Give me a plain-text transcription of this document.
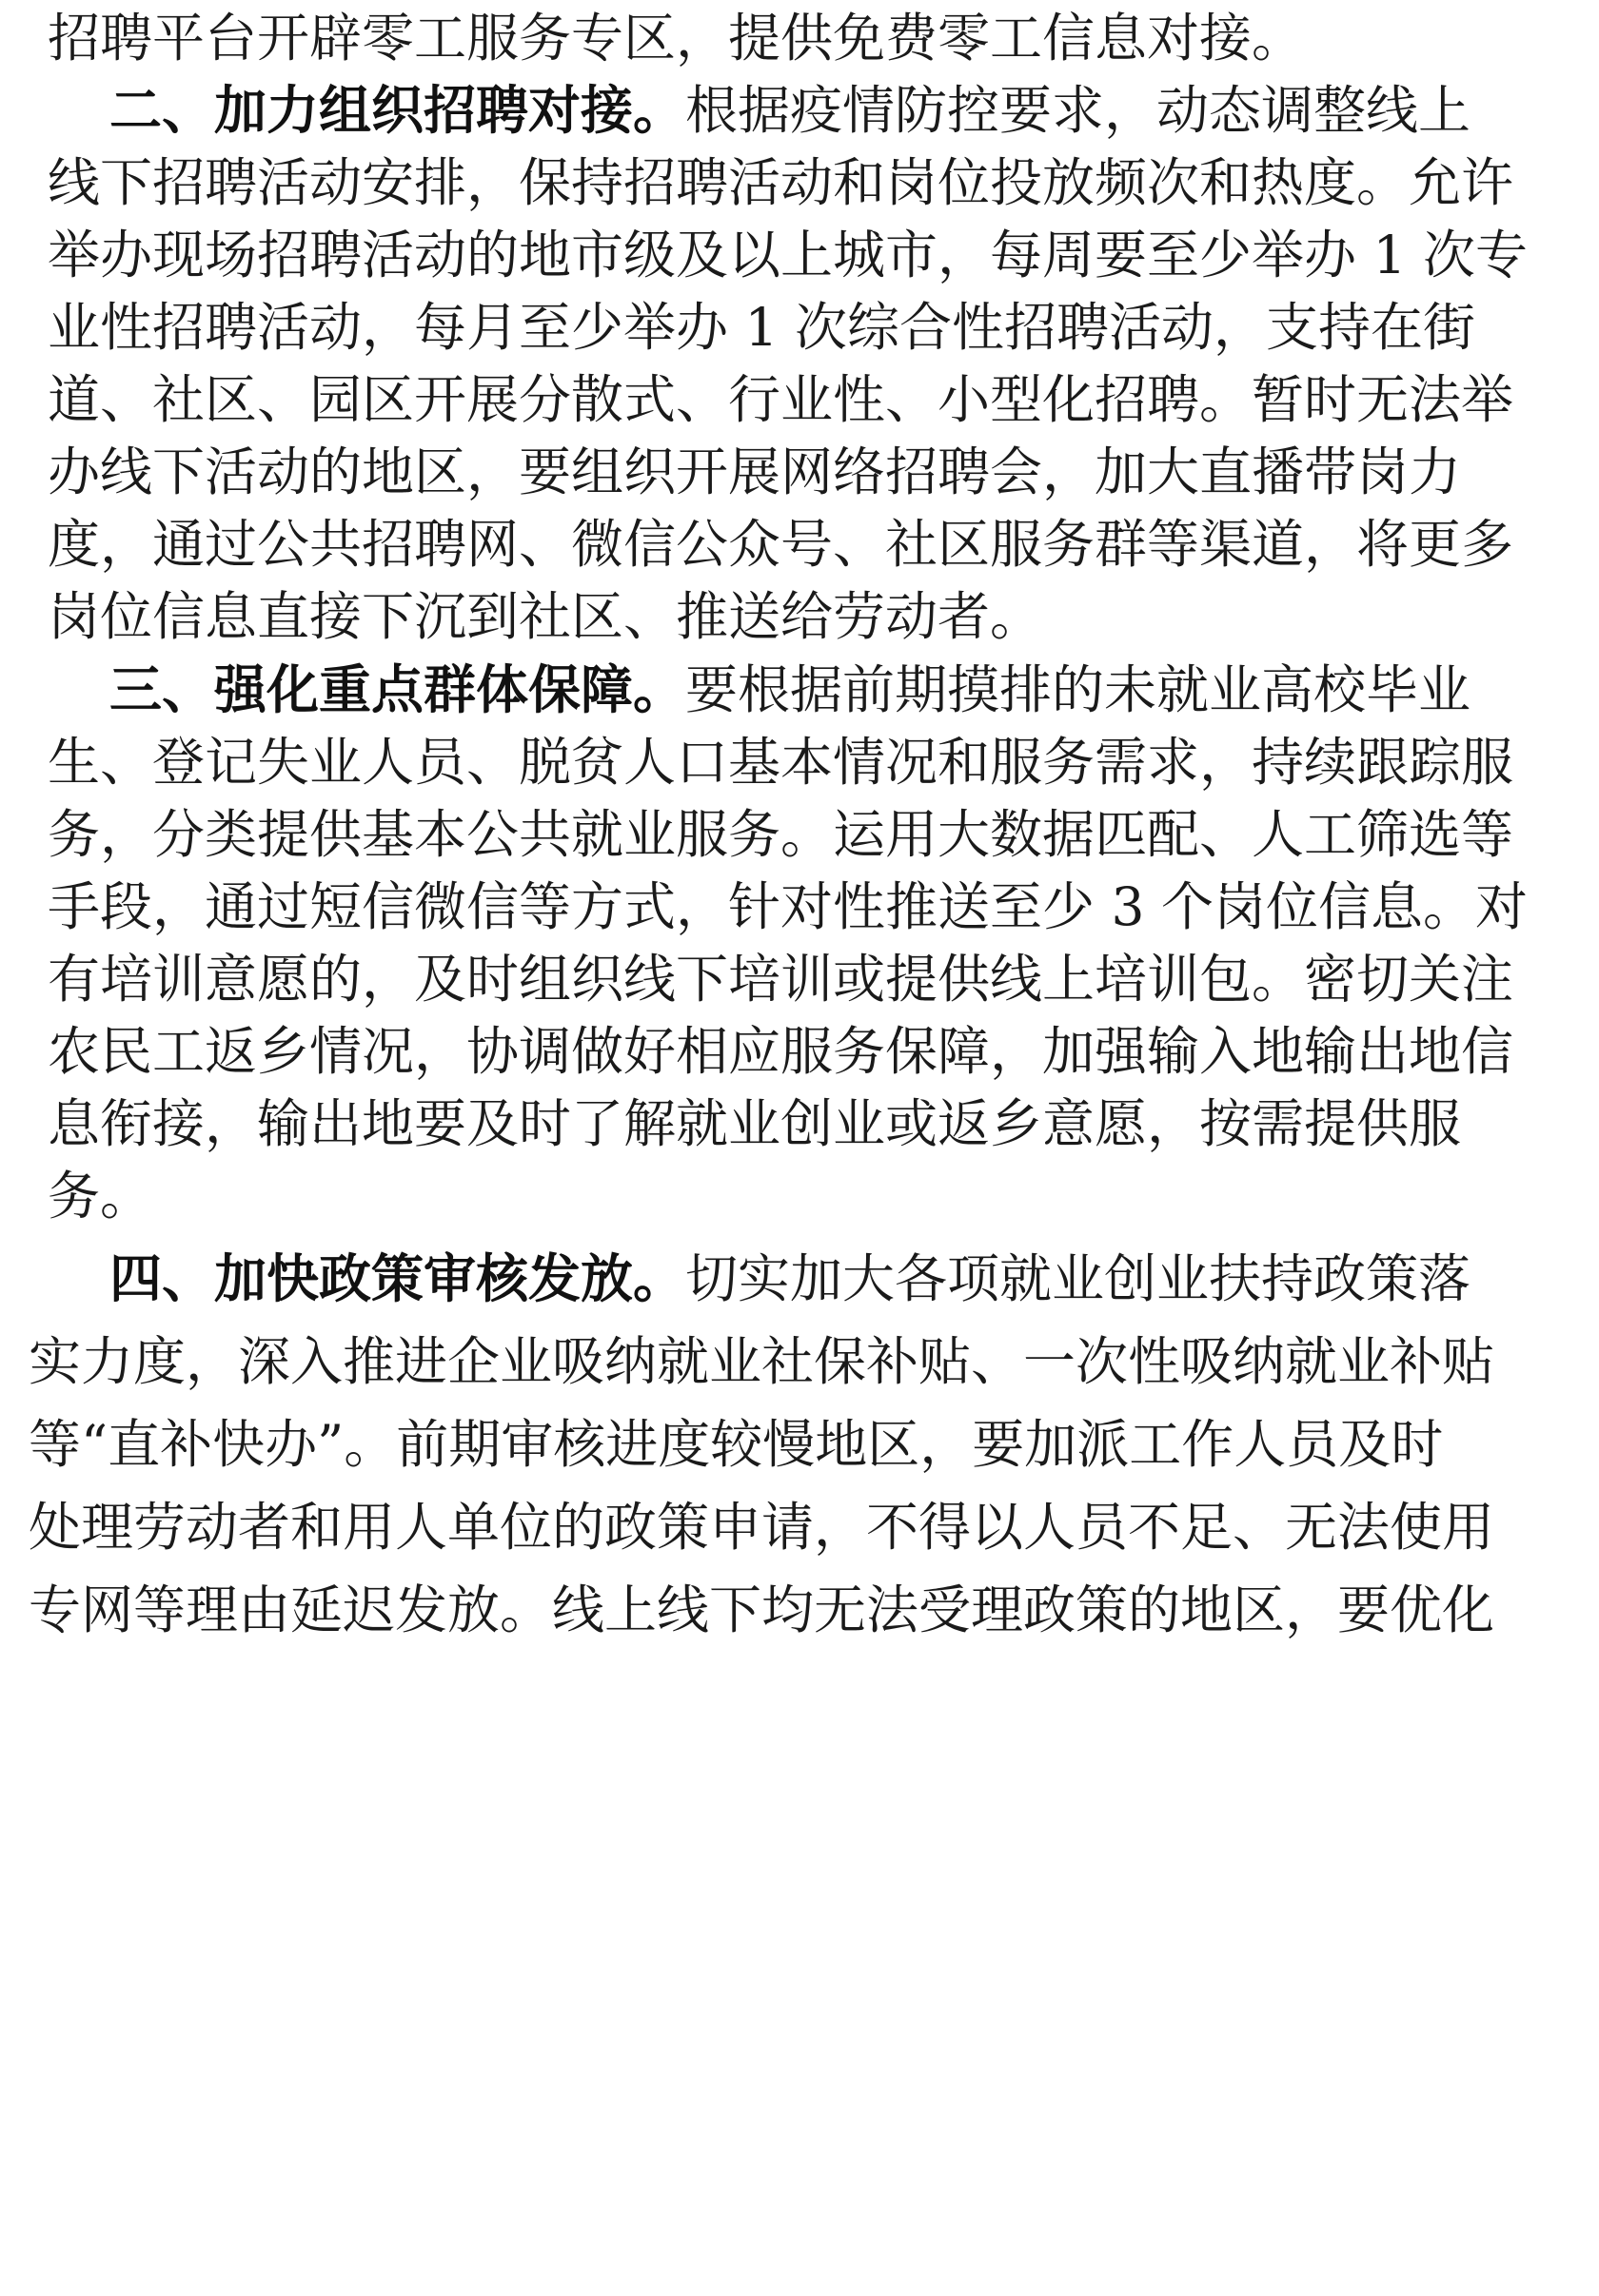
招聘平台开辟零工服务专区，提供免费零工信息对接。
二、加力组织招聘对接。根据疫情防控要求，动态调整线上
线下招聘活动安排，保持招聘活动和岗位投放频次和热度。允许
举办现场招聘活动的地市级及以上城市，每周要至少举办 1 次专
业性招聘活动，每月至少举办 1 次综合性招聘活动，支持在街
道、社区、园区开展分散式、行业性、小型化招聘。暂时无法举
办线下活动的地区，要组织开展网络招聘会，加大直播带岗力
度，通过公共招聘网、微信公众号、社区服务群等渠道，将更多
岗位信息直接下沉到社区、推送给劳动者。
三、强化重点群体保障。要根据前期摸排的未就业高校毕业
生、登记失业人员、脱贫人口基本情况和服务需求，持续跟踪服
务，分类提供基本公共就业服务。运用大数据匹配、人工筛选等
手段，通过短信微信等方式，针对性推送至少 3 个岗位信息。对
有培训意愿的，及时组织线下培训或提供线上培训包。密切关注
农民工返乡情况，协调做好相应服务保障，加强输入地输出地信
息衔接，输出地要及时了解就业创业或返乡意愿，按需提供服
务。
四、加快政策审核发放。切实加大各项就业创业扶持政策落
实力度，深入推进企业吸纳就业社保补贴、一次性吸纳就业补贴
等“直补快办”。前期审核进度较慢地区，要加派工作人员及时
处理劳动者和用人单位的政策申请，不得以人员不足、无法使用
专网等理由延迟发放。线上线下均无法受理政策的地区，要优化
